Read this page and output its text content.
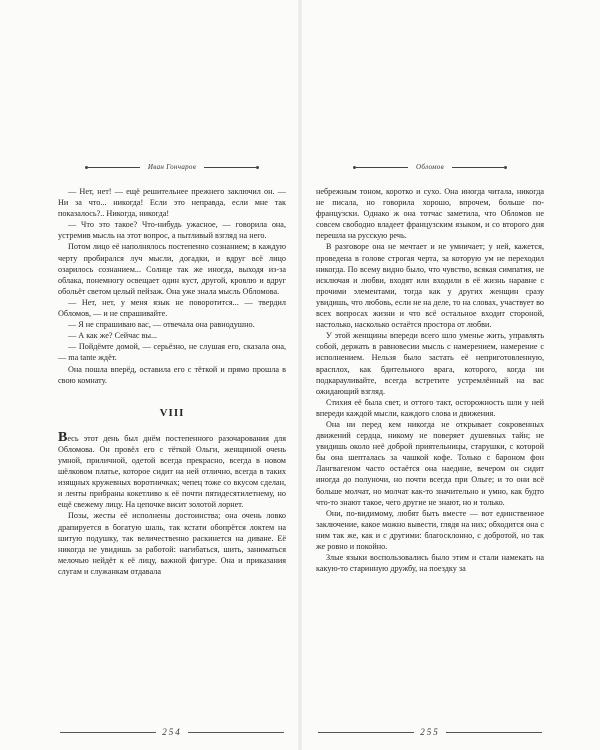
Иван Гончаров

— Нет, нет! — ещё решительнее прежнего заключил он. — Ни за что... никогда! Если это неправда, если мне так показалось?.. Никогда, никогда!

— Что это такое? Что-нибудь ужасное, — говорила она, устремив мысль на этот вопрос, а пытливый взгляд на него.

Потом лицо её наполнялось постепенно сознанием; в каждую черту пробирался луч мысли, догадки, и вдруг всё лицо озарилось сознанием... Солнце так же иногда, выходя из-за облака, понемногу освещает один куст, другой, кровлю и вдруг обольёт светом целый пейзаж. Она уже знала мысль Обломова.

— Нет, нет, у меня язык не поворотится... — твердил Обломов, — и не спрашивайте.

— Я не спрашиваю вас, — отвечала она равнодушно.

— А как же? Сейчас вы...

— Пойдёмте домой, — серьёзно, не слушая его, сказала она, — ma tante ждёт.

Она пошла вперёд, оставила его с тёткой и прямо прошла в свою комнату.

VIII

Весь этот день был днём постепенного разочарования для Обломова. Он провёл его с тёткой Ольги, женщиной очень умной, приличной, одетой всегда прекрасно, всегда в новом шёлковом платье, которое сидит на ней отлично, всегда в таких изящных кружевных воротничках; чепец тоже со вкусом сделан, и ленты прибраны кокетливо к её почти пятидесятилетнему, но ещё свежему лицу. На цепочке висит золотой лорнет.

Позы, жесты её исполнены достоинства; она очень ловко драпируется в богатую шаль, так кстати обопрётся локтем на шитую подушку, так величественно раскинется на диване. Её никогда не увидишь за работой: нагибаться, шить, заниматься мелочью нейдёт к её лицу, важной фигуре. Она и приказания слугам и служанкам отдавала

254
Обломов

небрежным тоном, коротко и сухо. Она иногда читала, никогда не писала, но говорила хорошо, впрочем, больше по-французски. Однако ж она тотчас заметила, что Обломов не совсем свободно владеет французским языком, и со второго дня перешла на русскую речь.

В разговоре она не мечтает и не умничает; у ней, кажется, проведена в голове строгая черта, за которую ум не переходил никогда. По всему видно было, что чувство, всякая симпатия, не исключая и любви, входят или входили в её жизнь наравне с прочими элементами, тогда как у других женщин сразу увидишь, что любовь, если не на деле, то на словах, участвует во всех вопросах жизни и что всё остальное входит стороной, настолько, насколько остаётся простора от любви.

У этой женщины впереди всего шло уменье жить, управлять собой, держать в равновесии мысль с намерением, намерение с исполнением. Нельзя было застать её неприготовленную, врасплох, как бдительного врага, которого, когда ни подкарауливайте, всегда встретите устремлённый на вас ожидающий взгляд.

Стихия её была свет, и оттого такт, осторожность шли у ней впереди каждой мысли, каждого слова и движения.

Она ни перед кем никогда не открывает сокровенных движений сердца, никому не поверяет душевных тайн; не увидишь около неё доброй приятельницы, старушки, с которой бы она шепталась за чашкой кофе. Только с бароном фон Лангвагеном часто остаётся она наедине, вечером он сидит иногда до полуночи, но почти всегда при Ольге; и то они всё больше молчат, но молчат как-то значительно и умно, как будто что-то знают такое, чего другие не знают, но и только.

Они, по-видимому, любят быть вместе — вот единственное заключение, какое можно вывести, глядя на них; обходится она с ним так же, как и с другими: благосклонно, с добротой, но так же ровно и покойно.

Злые языки воспользовались было этим и стали намекать на какую-то старинную дружбу, на поездку за

255
